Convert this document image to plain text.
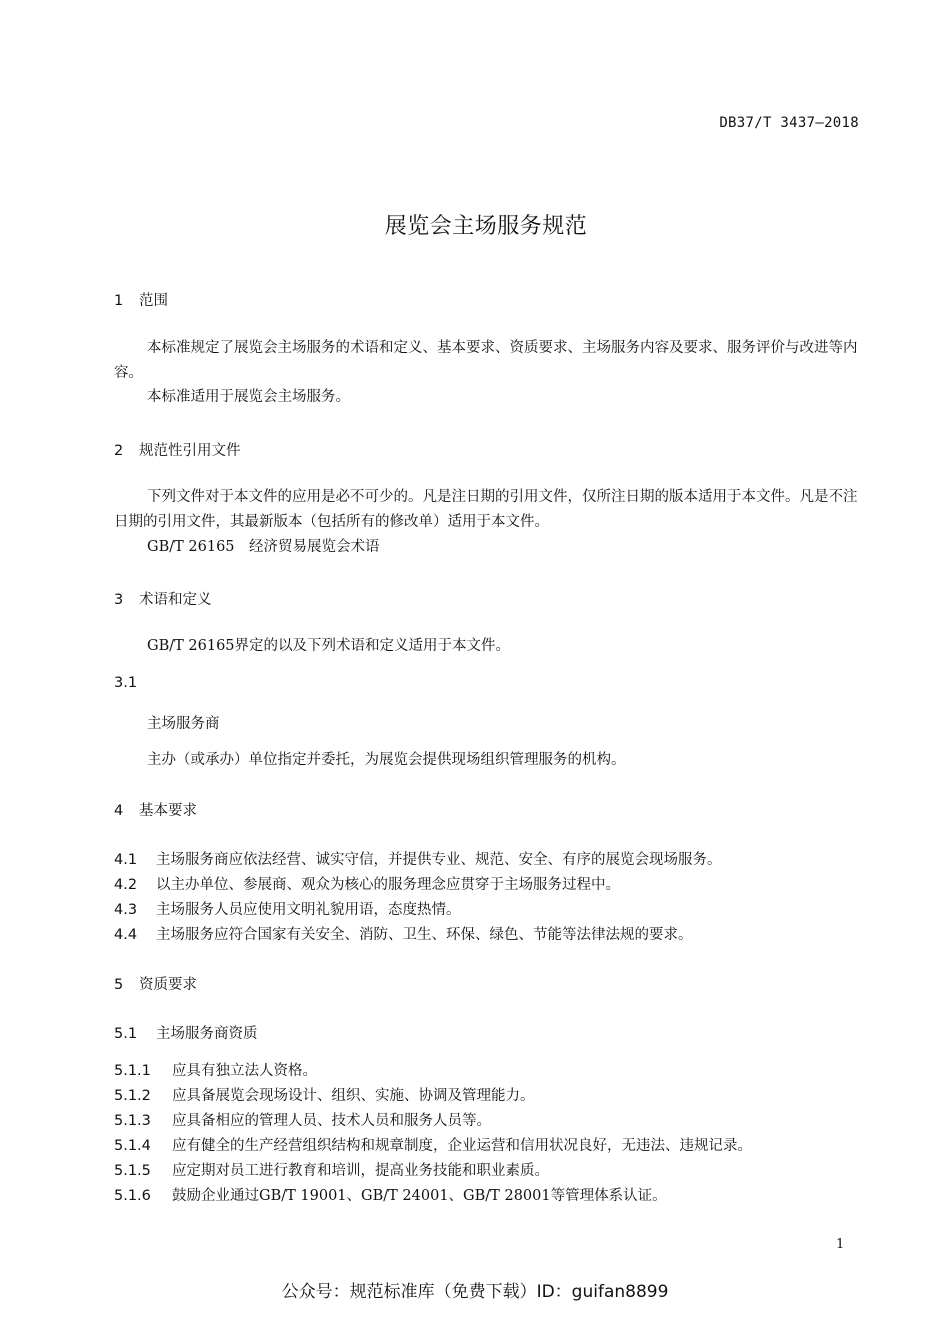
DB37/T 3437—2018
展览会主场服务规范
1 范围
本标准规定了展览会主场服务的术语和定义、基本要求、资质要求、主场服务内容及要求、服务评价与改进等内容。
本标准适用于展览会主场服务。
2 规范性引用文件
下列文件对于本文件的应用是必不可少的。凡是注日期的引用文件，仅所注日期的版本适用于本文件。凡是不注日期的引用文件，其最新版本（包括所有的修改单）适用于本文件。
GB/T 26165　经济贸易展览会术语
3 术语和定义
GB/T 26165界定的以及下列术语和定义适用于本文件。
3.1
主场服务商
主办（或承办）单位指定并委托，为展览会提供现场组织管理服务的机构。
4 基本要求
4.1 主场服务商应依法经营、诚实守信，并提供专业、规范、安全、有序的展览会现场服务。
4.2 以主办单位、参展商、观众为核心的服务理念应贯穿于主场服务过程中。
4.3 主场服务人员应使用文明礼貌用语，态度热情。
4.4 主场服务应符合国家有关安全、消防、卫生、环保、绿色、节能等法律法规的要求。
5 资质要求
5.1 主场服务商资质
5.1.1 应具有独立法人资格。
5.1.2 应具备展览会现场设计、组织、实施、协调及管理能力。
5.1.3 应具备相应的管理人员、技术人员和服务人员等。
5.1.4 应有健全的生产经营组织结构和规章制度，企业运营和信用状况良好，无违法、违规记录。
5.1.5 应定期对员工进行教育和培训，提高业务技能和职业素质。
5.1.6 鼓励企业通过GB/T 19001、GB/T 24001、GB/T 28001等管理体系认证。
1
公众号：规范标准库（免费下载）ID：guifan8899
